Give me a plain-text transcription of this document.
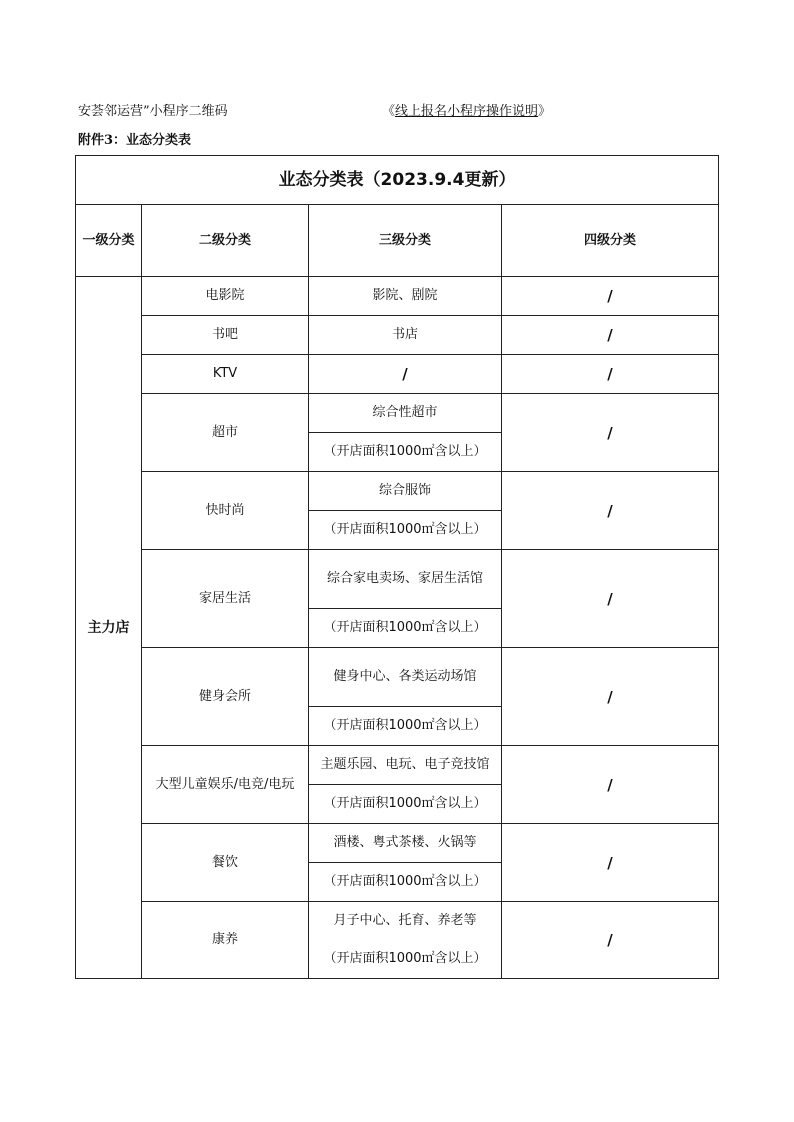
安荟邻运营”小程序二维码	《线上报名小程序操作说明》
附件3：业态分类表
业态分类表（2023.9.4更新）			
一级分类	二级分类	三级分类	四级分类
主力店	电影院	影院、剧院	/
	书吧	书店	/
	KTV	/	/
	超市	综合性超市	/
		（开店面积1000㎡含以上）	
	快时尚	综合服饰	/
		（开店面积1000㎡含以上）	
	家居生活	综合家电卖场、家居生活馆	/
		（开店面积1000㎡含以上）	
	健身会所	健身中心、各类运动场馆	/
		（开店面积1000㎡含以上）	
	大型儿童娱乐/电竞/电玩	主题乐园、电玩、电子竞技馆	/
		（开店面积1000㎡含以上）	
	餐饮	酒楼、粤式茶楼、火锅等	/
		（开店面积1000㎡含以上）	
	康养	月子中心、托育、养老等	/
		（开店面积1000㎡含以上）	
